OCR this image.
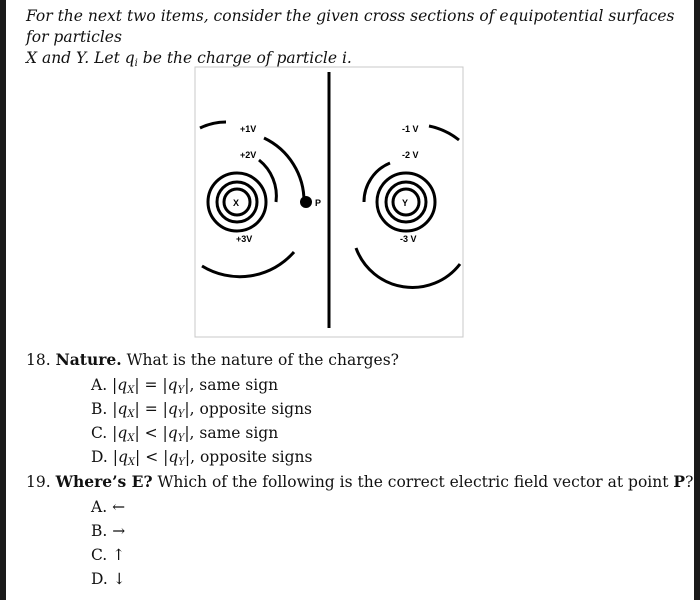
For the next two items, consider the given cross sections of equipotential surfaces for particles
X and Y. Let $q_i$ be the charge of particle i.
P
X
+1V
+2V
+3V
Y
-1 V
-2 V
-3 V
18. Nature. What is the nature of the charges?
A. $|q_X| = |q_Y|$, same sign
B. $|q_X| = |q_Y|$, opposite signs
C. $|q_X| < |q_Y|$, same sign
D. $|q_X| < |q_Y|$, opposite signs
19. Where’s E? Which of the following is the correct electric field vector at point P?
A. ←
B. →
C. ↑
D. ↓
